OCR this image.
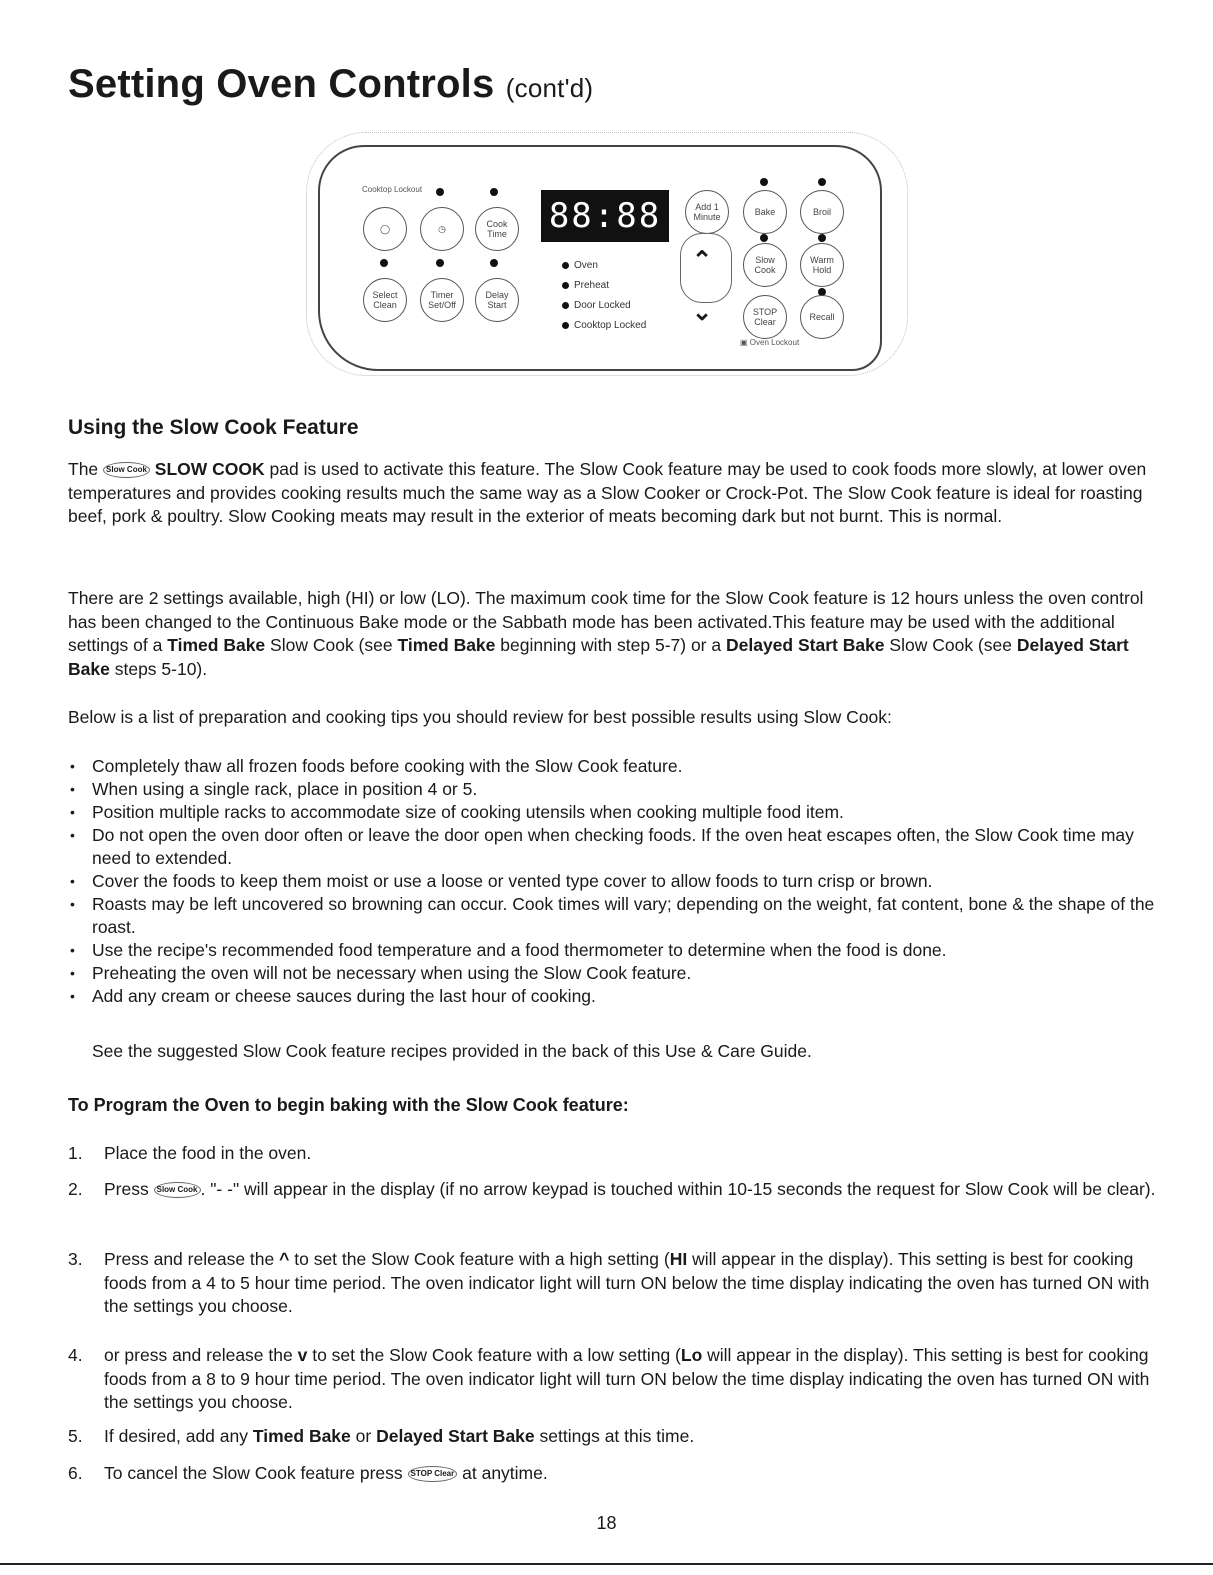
Setting Oven Controls (cont'd)
Cooktop Lockout
◯	◷	Cook Time
Select Clean
Timer Set/Off
Delay Start
88:88
Oven
Preheat
Door Locked
Cooktop Locked
Add 1 Minute
⌃
⌄
Bake	Broil
Slow Cook
Warm Hold
STOP Clear	Recall
▣ Oven Lockout
Using the Slow Cook Feature

The Slow Cook SLOW COOK pad is used to activate this feature. The Slow Cook feature may be used to cook foods more slowly, at lower oven temperatures and provides cooking results much the same way as a Slow Cooker or Crock-Pot. The Slow Cook feature is ideal for roasting beef, pork & poultry. Slow Cooking meats may result in the exterior of meats becoming dark but not burnt. This is normal.

There are 2 settings available, high (HI) or low (LO). The maximum cook time for the Slow Cook feature is 12 hours unless the oven control has been changed to the Continuous Bake mode or the Sabbath mode has been activated.This feature may be used with the additional settings of a Timed Bake Slow Cook (see Timed Bake beginning with step 5-7) or a Delayed Start Bake Slow Cook (see Delayed Start Bake steps 5-10).

Below is a list of preparation and cooking tips you should review for best possible results using Slow Cook:

• Completely thaw all frozen foods before cooking with the Slow Cook feature.
• When using a single rack, place in position 4 or 5.
• Position multiple racks to accommodate size of cooking utensils when cooking multiple food item.
• Do not open the oven door often or leave the door open when checking foods. If the oven heat escapes often, the Slow Cook time may need to extended.
• Cover the foods to keep them moist or use a loose or vented type cover to allow foods to turn crisp or brown.
• Roasts may be left uncovered so browning can occur. Cook times will vary; depending on the weight, fat content, bone & the shape of the roast.
• Use the recipe's recommended food temperature and a food thermometer to determine when the food is done.
• Preheating the oven will not be necessary when using the Slow Cook feature.
• Add any cream or cheese sauces during the last hour of cooking.

See the suggested Slow Cook feature recipes provided in the back of this Use & Care Guide.

To Program the Oven to begin baking with the Slow Cook feature:
1.	Place the food in the oven.
2.	Press Slow Cook . "- -" will appear in the display (if no arrow keypad is touched within 10-15 seconds the request for Slow Cook will be clear).
3.	Press and release the ^ to set the Slow Cook feature with a high setting (HI will appear in the display). This setting is best for cooking foods from a 4 to 5 hour time period. The oven indicator light will turn ON below the time display indicating the oven has turned ON with the settings you choose.
4.	or press and release the v to set the Slow Cook feature with a low setting (Lo will appear in the display). This setting is best for cooking foods from a 8 to 9 hour time period. The oven indicator light will turn ON below the time display indicating the oven has turned ON with the settings you choose.
5.	If desired, add any Timed Bake or Delayed Start Bake settings at this time.
6.	To cancel the Slow Cook feature press STOP Clear at anytime.
18
